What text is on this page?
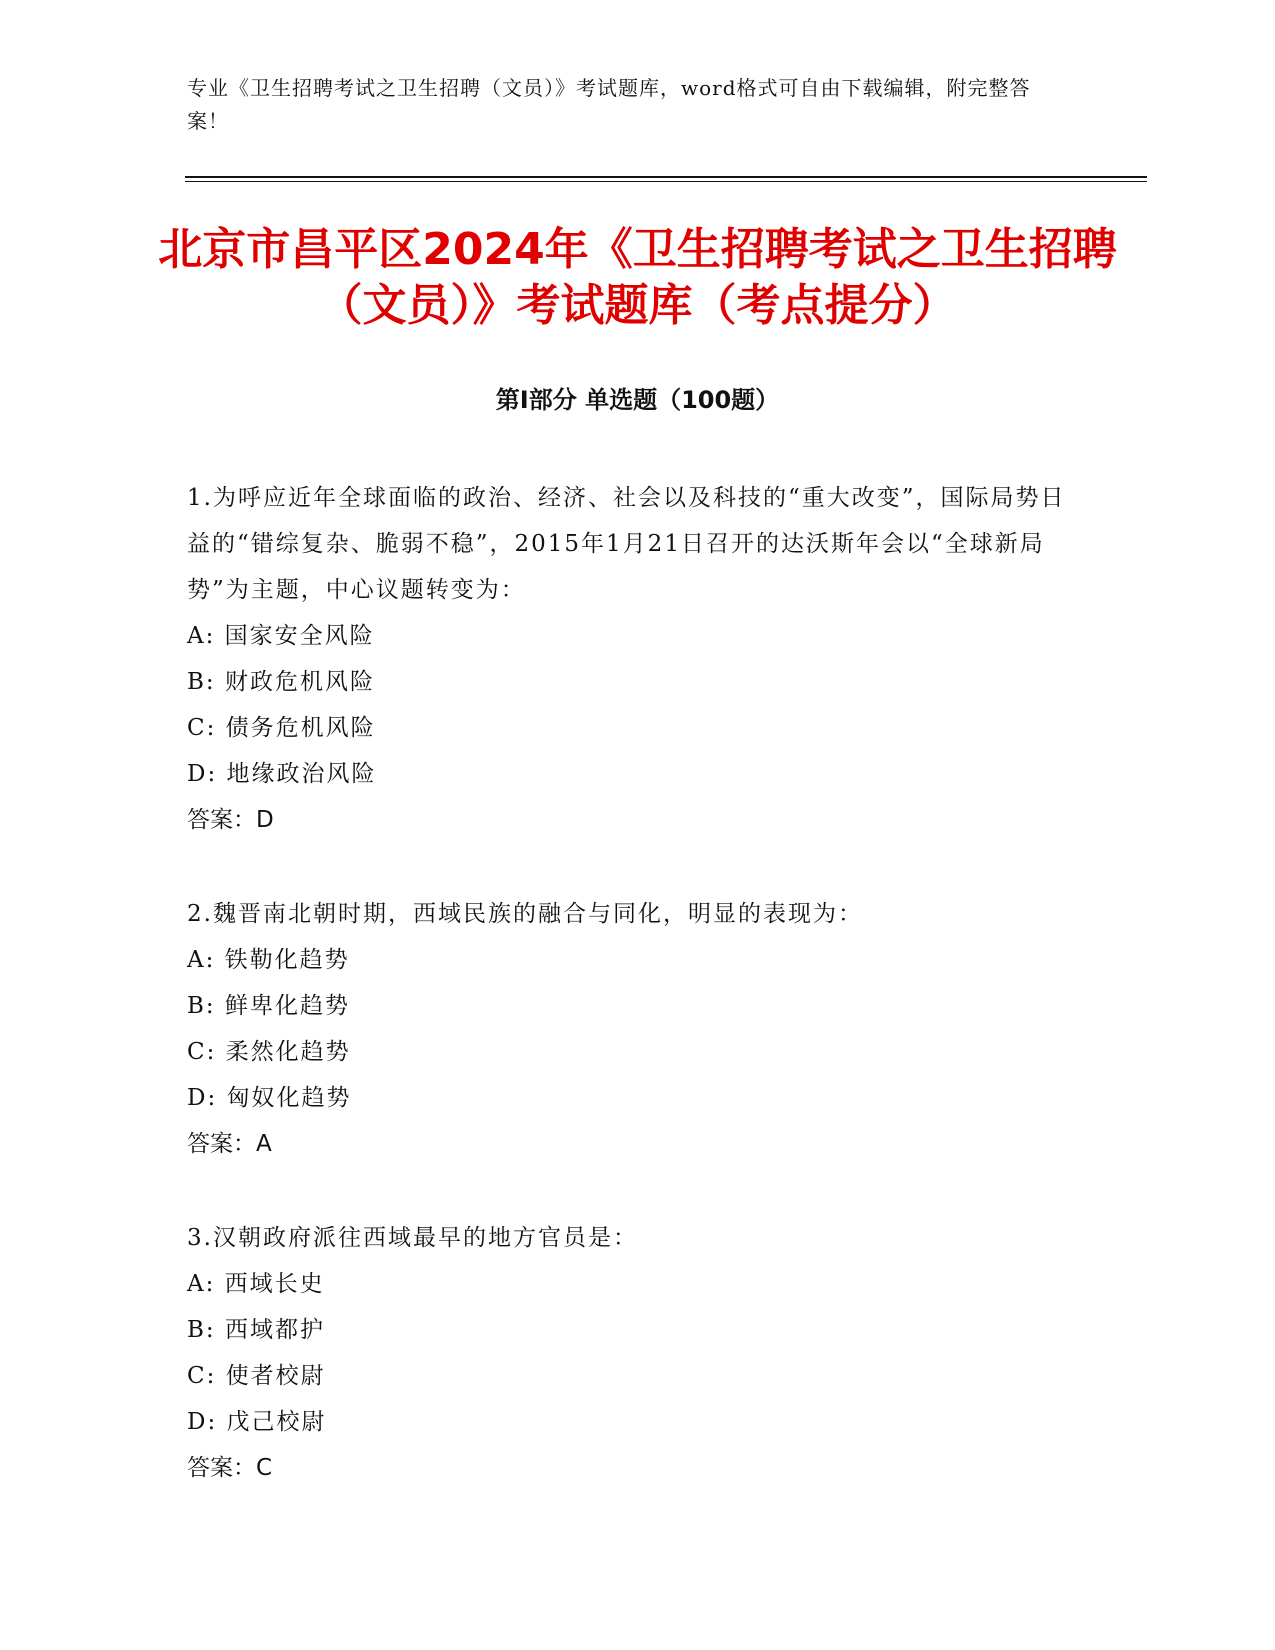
专业《卫生招聘考试之卫生招聘（文员）》考试题库，word格式可自由下载编辑，附完整答案！
北京市昌平区2024年《卫生招聘考试之卫生招聘（文员）》考试题库（考点提分）
第Ⅰ部分 单选题（100题）
1.为呼应近年全球面临的政治、经济、社会以及科技的“重大改变”，国际局势日益的“错综复杂、脆弱不稳”，2015年1月21日召开的达沃斯年会以“全球新局势”为主题，中心议题转变为：
A: 国家安全风险
B: 财政危机风险
C: 债务危机风险
D: 地缘政治风险
答案：D
2.魏晋南北朝时期，西域民族的融合与同化，明显的表现为：
A: 铁勒化趋势
B: 鲜卑化趋势
C: 柔然化趋势
D: 匈奴化趋势
答案：A
3.汉朝政府派往西域最早的地方官员是：
A: 西域长史
B: 西域都护
C: 使者校尉
D: 戊己校尉
答案：C
